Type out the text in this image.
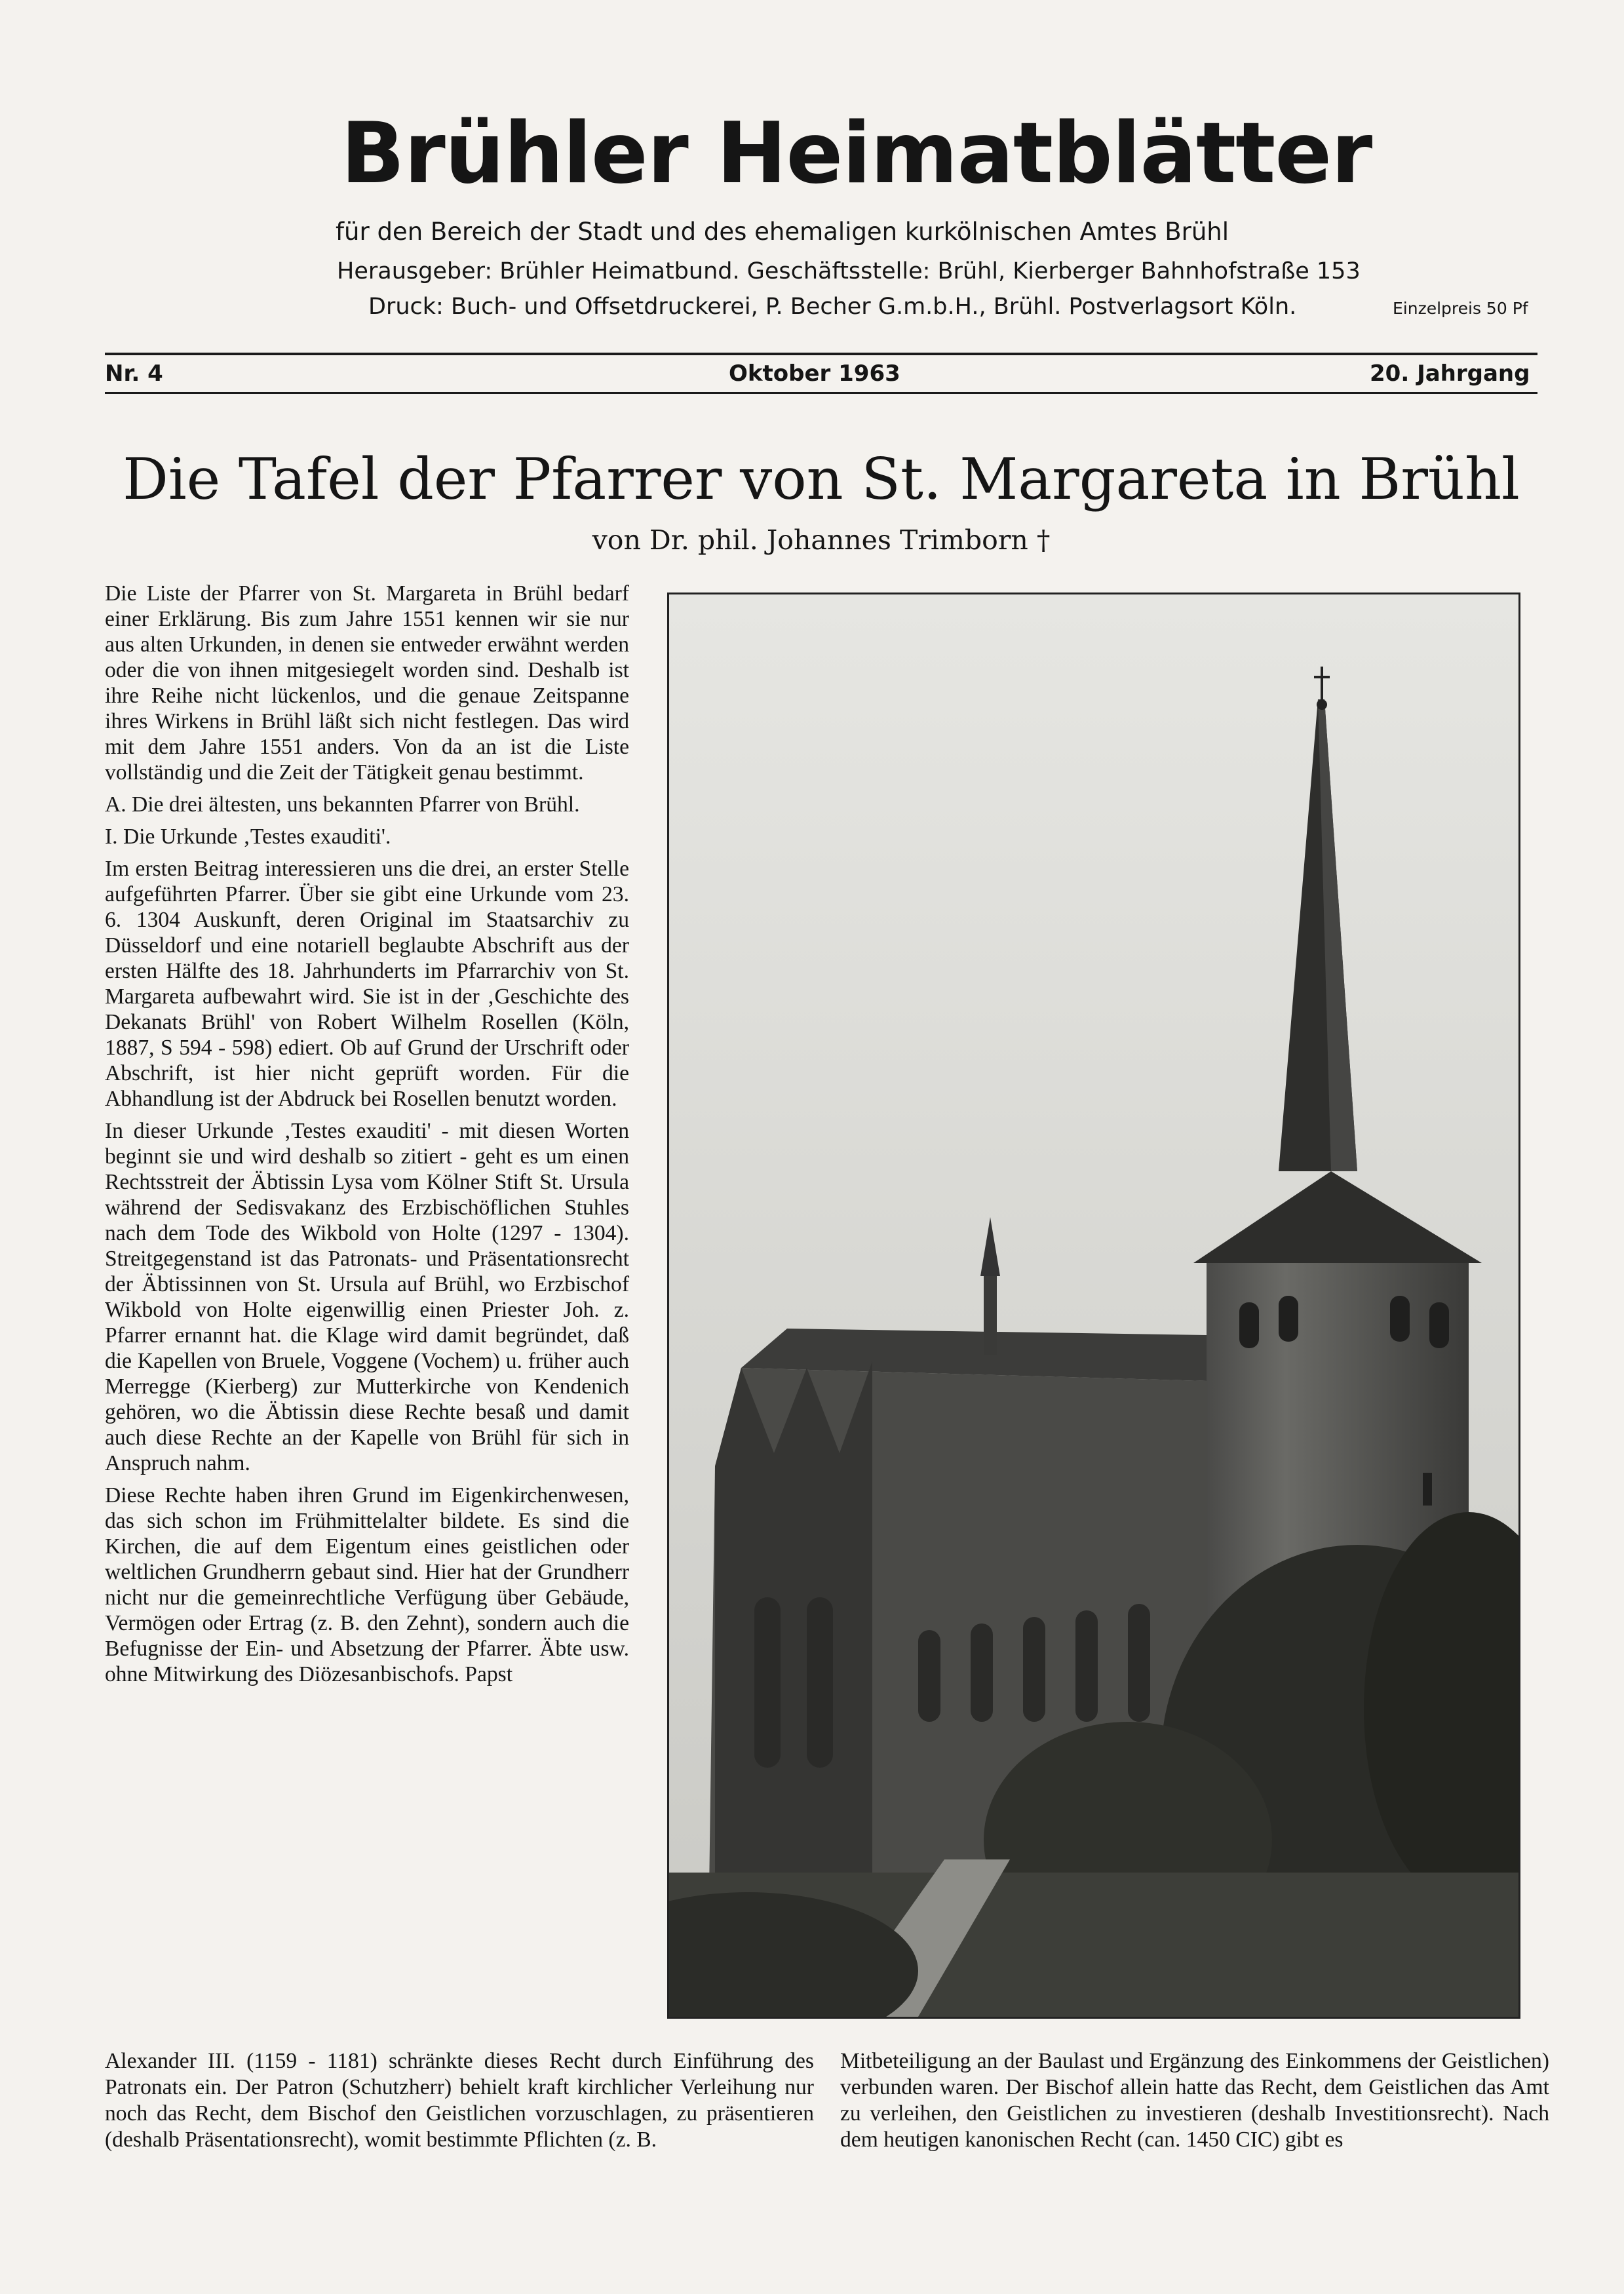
Brühler Heimatblätter
für den Bereich der Stadt und des ehemaligen kurkölnischen Amtes Brühl
Herausgeber: Brühler Heimatbund. Geschäftsstelle: Brühl, Kierberger Bahnhofstraße 153
Druck: Buch- und Offsetdruckerei, P. Becher G.m.b.H., Brühl. Postverlagsort Köln.	Einzelpreis 50 Pf
Nr. 4	Oktober 1963	20. Jahrgang
Die Tafel der Pfarrer von St. Margareta in Brühl
von Dr. phil. Johannes Trimborn †

Die Liste der Pfarrer von St. Margareta in Brühl bedarf einer Erklärung. Bis zum Jahre 1551 kennen wir sie nur aus alten Urkunden, in denen sie entweder erwähnt werden oder die von ihnen mitgesiegelt worden sind. Deshalb ist ihre Reihe nicht lückenlos, und die genaue Zeitspanne ihres Wirkens in Brühl läßt sich nicht festlegen. Das wird mit dem Jahre 1551 anders. Von da an ist die Liste vollständig und die Zeit der Tätigkeit genau bestimmt.

A. Die drei ältesten, uns bekannten Pfarrer von Brühl.

I. Die Urkunde ‚Testes exauditi'.

Im ersten Beitrag interessieren uns die drei, an erster Stelle aufgeführten Pfarrer. Über sie gibt eine Urkunde vom 23. 6. 1304 Auskunft, deren Original im Staatsarchiv zu Düsseldorf und eine notariell beglaubte Abschrift aus der ersten Hälfte des 18. Jahrhunderts im Pfarrarchiv von St. Margareta aufbewahrt wird. Sie ist in der ‚Geschichte des Dekanats Brühl' von Robert Wilhelm Rosellen (Köln, 1887, S 594 - 598) ediert. Ob auf Grund der Urschrift oder Abschrift, ist hier nicht geprüft worden. Für die Abhandlung ist der Abdruck bei Rosellen benutzt worden.

In dieser Urkunde ‚Testes exauditi' - mit diesen Worten beginnt sie und wird deshalb so zitiert - geht es um einen Rechtsstreit der Äbtissin Lysa vom Kölner Stift St. Ursula während der Sedisvakanz des Erzbischöflichen Stuhles nach dem Tode des Wikbold von Holte (1297 - 1304). Streitgegenstand ist das Patronats- und Präsentationsrecht der Äbtissinnen von St. Ursula auf Brühl, wo Erzbischof Wikbold von Holte eigenwillig einen Priester Joh. z. Pfarrer ernannt hat. die Klage wird damit begründet, daß die Kapellen von Bruele, Voggene (Vochem) u. früher auch Merregge (Kierberg) zur Mutterkirche von Kendenich gehören, wo die Äbtissin diese Rechte besaß und damit auch diese Rechte an der Kapelle von Brühl für sich in Anspruch nahm.

Diese Rechte haben ihren Grund im Eigenkirchenwesen, das sich schon im Frühmittelalter bildete. Es sind die Kirchen, die auf dem Eigentum eines geistlichen oder weltlichen Grundherrn gebaut sind. Hier hat der Grundherr nicht nur die gemeinrechtliche Verfügung über Gebäude, Vermögen oder Ertrag (z. B. den Zehnt), sondern auch die Befugnisse der Ein- und Absetzung der Pfarrer. Äbte usw. ohne Mitwirkung des Diözesanbischofs. Papst

Alexander III. (1159 - 1181) schränkte dieses Recht durch Einführung des Patronats ein. Der Patron (Schutzherr) behielt kraft kirchlicher Verleihung nur noch das Recht, dem Bischof den Geistlichen vorzuschlagen, zu präsentieren (deshalb Präsentationsrecht), womit bestimmte Pflichten (z. B.
Mitbeteiligung an der Baulast und Ergänzung des Einkommens der Geistlichen) verbunden waren. Der Bischof allein hatte das Recht, dem Geistlichen das Amt zu verleihen, den Geistlichen zu investieren (deshalb Investitionsrecht). Nach dem heutigen kanonischen Recht (can. 1450 CIC) gibt es
